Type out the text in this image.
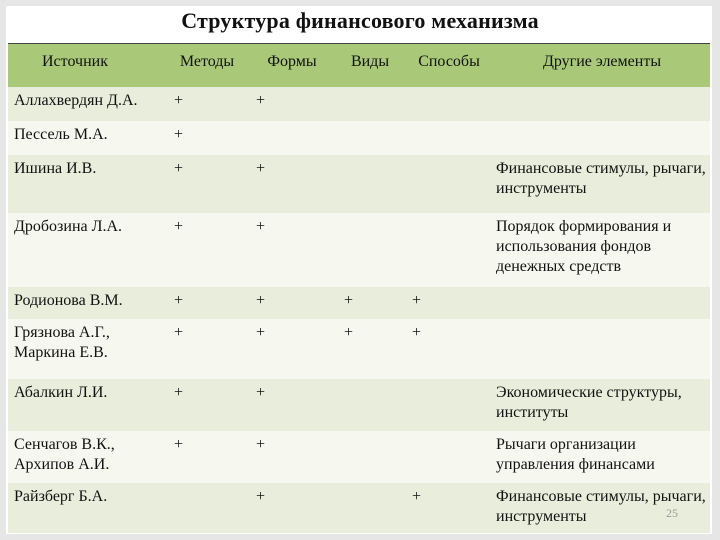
Структура финансового механизма
Источник	Методы	Формы	Виды	Способы	Другие элементы
Аллахвердян Д.А.	+	+			
Пессель М.А.	+				
Ишина И.В.	+	+			Финансовые стимулы, рычаги, инструменты
Дробозина Л.А.	+	+			Порядок формирования и использования фондов денежных средств
Родионова В.М.	+	+	+	+	
Грязнова А.Г., Маркина Е.В.	+	+	+	+	
Абалкин Л.И.	+	+			Экономические структуры, институты
Сенчагов В.К., Архипов А.И.	+	+			Рычаги организации управления финансами
Райзберг Б.А.		+		+	Финансовые стимулы, рычаги, инструменты	25
